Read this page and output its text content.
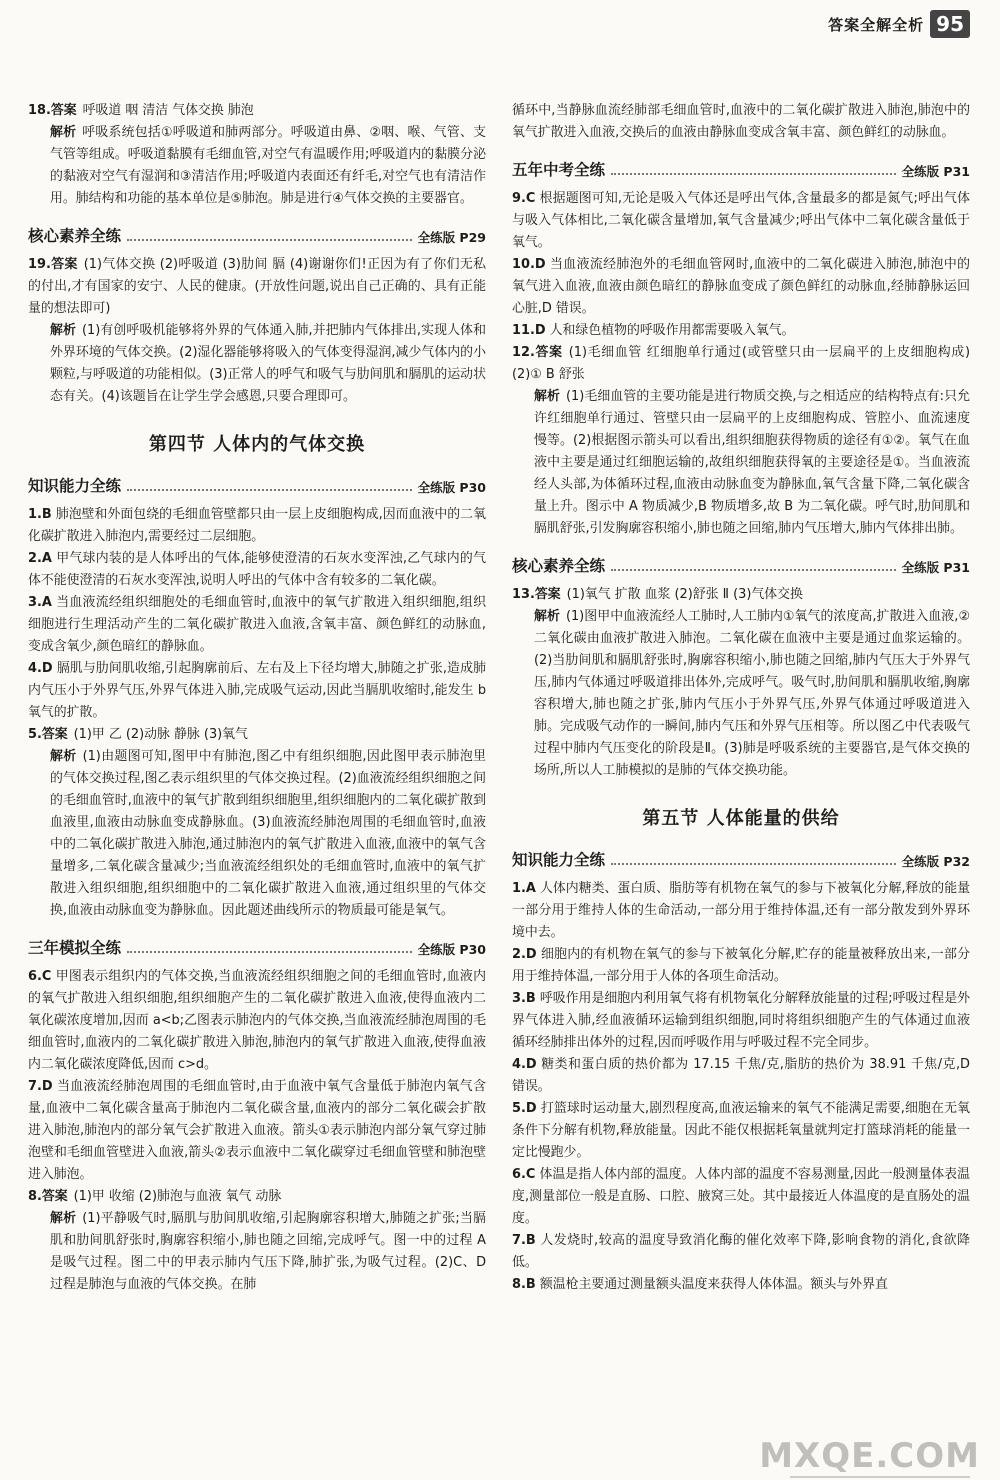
答案全解全析 95

18.答案 呼吸道 咽 清洁 气体交换 肺泡

解析 呼吸系统包括①呼吸道和肺两部分。呼吸道由鼻、②咽、喉、气管、支气管等组成。呼吸道黏膜有毛细血管,对空气有温暖作用;呼吸道内的黏膜分泌的黏液对空气有湿润和③清洁作用;呼吸道内表面还有纤毛,对空气也有清洁作用。肺结构和功能的基本单位是⑤肺泡。肺是进行④气体交换的主要器官。

核心素养全练	全练版 P29

19.答案 (1)气体交换 (2)呼吸道 (3)肋间 膈 (4)谢谢你们!正因为有了你们无私的付出,才有国家的安宁、人民的健康。(开放性问题,说出自己正确的、具有正能量的想法即可)

解析 (1)有创呼吸机能够将外界的气体通入肺,并把肺内气体排出,实现人体和外界环境的气体交换。(2)湿化器能够将吸入的气体变得湿润,减少气体内的小颗粒,与呼吸道的功能相似。(3)正常人的呼气和吸气与肋间肌和膈肌的运动状态有关。(4)该题旨在让学生学会感恩,只要合理即可。

第四节 人体内的气体交换
知识能力全练	全练版 P30

1.B 肺泡壁和外面包绕的毛细血管壁都只由一层上皮细胞构成,因而血液中的二氧化碳扩散进入肺泡内,需要经过二层细胞。

2.A 甲气球内装的是人体呼出的气体,能够使澄清的石灰水变浑浊,乙气球内的气体不能使澄清的石灰水变浑浊,说明人呼出的气体中含有较多的二氧化碳。

3.A 当血液流经组织细胞处的毛细血管时,血液中的氧气扩散进入组织细胞,组织细胞进行生理活动产生的二氧化碳扩散进入血液,含氧丰富、颜色鲜红的动脉血,变成含氧少,颜色暗红的静脉血。

4.D 膈肌与肋间肌收缩,引起胸廓前后、左右及上下径均增大,肺随之扩张,造成肺内气压小于外界气压,外界气体进入肺,完成吸气运动,因此当膈肌收缩时,能发生 b 氧气的扩散。

5.答案 (1)甲 乙 (2)动脉 静脉 (3)氧气

解析 (1)由题图可知,图甲中有肺泡,图乙中有组织细胞,因此图甲表示肺泡里的气体交换过程,图乙表示组织里的气体交换过程。(2)血液流经组织细胞之间的毛细血管时,血液中的氧气扩散到组织细胞里,组织细胞内的二氧化碳扩散到血液里,血液由动脉血变成静脉血。(3)血液流经肺泡周围的毛细血管时,血液中的二氧化碳扩散进入肺泡,通过肺泡内的氧气扩散进入血液,血液中的氧气含量增多,二氧化碳含量减少;当血液流经组织处的毛细血管时,血液中的氧气扩散进入组织细胞,组织细胞中的二氧化碳扩散进入血液,通过组织里的气体交换,血液由动脉血变为静脉血。因此题述曲线所示的物质最可能是氧气。

三年模拟全练	全练版 P30

6.C 甲图表示组织内的气体交换,当血液流经组织细胞之间的毛细血管时,血液内的氧气扩散进入组织细胞,组织细胞产生的二氧化碳扩散进入血液,使得血液内二氧化碳浓度增加,因而 a<b;乙图表示肺泡内的气体交换,当血液流经肺泡周围的毛细血管时,血液内的二氧化碳扩散进入肺泡,肺泡内的氧气扩散进入血液,使得血液内二氧化碳浓度降低,因而 c>d。

7.D 当血液流经肺泡周围的毛细血管时,由于血液中氧气含量低于肺泡内氧气含量,血液中二氧化碳含量高于肺泡内二氧化碳含量,血液内的部分二氧化碳会扩散进入肺泡,肺泡内的部分氧气会扩散进入血液。箭头①表示肺泡内部分氧气穿过肺泡壁和毛细血管壁进入血液,箭头②表示血液中二氧化碳穿过毛细血管壁和肺泡壁进入肺泡。

8.答案 (1)甲 收缩 (2)肺泡与血液 氧气 动脉

解析 (1)平静吸气时,膈肌与肋间肌收缩,引起胸廓容积增大,肺随之扩张;当膈肌和肋间肌舒张时,胸廓容积缩小,肺也随之回缩,完成呼气。图一中的过程 A 是吸气过程。图二中的甲表示肺内气压下降,肺扩张,为吸气过程。(2)C、D 过程是肺泡与血液的气体交换。在肺

循环中,当静脉血流经肺部毛细血管时,血液中的二氧化碳扩散进入肺泡,肺泡中的氧气扩散进入血液,交换后的血液由静脉血变成含氧丰富、颜色鲜红的动脉血。

五年中考全练	全练版 P31

9.C 根据题图可知,无论是吸入气体还是呼出气体,含量最多的都是氮气;呼出气体与吸入气体相比,二氧化碳含量增加,氧气含量减少;呼出气体中二氧化碳含量低于氧气。

10.D 当血液流经肺泡外的毛细血管网时,血液中的二氧化碳进入肺泡,肺泡中的氧气进入血液,血液由颜色暗红的静脉血变成了颜色鲜红的动脉血,经肺静脉运回心脏,D 错误。

11.D 人和绿色植物的呼吸作用都需要吸入氧气。

12.答案 (1)毛细血管 红细胞单行通过(或管壁只由一层扁平的上皮细胞构成) (2)① B 舒张

解析 (1)毛细血管的主要功能是进行物质交换,与之相适应的结构特点有:只允许红细胞单行通过、管壁只由一层扁平的上皮细胞构成、管腔小、血流速度慢等。(2)根据图示箭头可以看出,组织细胞获得物质的途径有①②。氧气在血液中主要是通过红细胞运输的,故组织细胞获得氧的主要途径是①。当血液流经人头部,为体循环过程,血液由动脉血变为静脉血,氧气含量下降,二氧化碳含量上升。图示中 A 物质减少,B 物质增多,故 B 为二氧化碳。呼气时,肋间肌和膈肌舒张,引发胸廓容积缩小,肺也随之回缩,肺内气压增大,肺内气体排出肺。

核心素养全练	全练版 P31

13.答案 (1)氧气 扩散 血浆 (2)舒张 Ⅱ (3)气体交换

解析 (1)图甲中血液流经人工肺时,人工肺内①氧气的浓度高,扩散进入血液,②二氧化碳由血液扩散进入肺泡。二氧化碳在血液中主要是通过血浆运输的。(2)当肋间肌和膈肌舒张时,胸廓容积缩小,肺也随之回缩,肺内气压大于外界气压,肺内气体通过呼吸道排出体外,完成呼气。吸气时,肋间肌和膈肌收缩,胸廓容积增大,肺也随之扩张,肺内气压小于外界气压,外界气体通过呼吸道进入肺。完成吸气动作的一瞬间,肺内气压和外界气压相等。所以图乙中代表吸气过程中肺内气压变化的阶段是Ⅱ。(3)肺是呼吸系统的主要器官,是气体交换的场所,所以人工肺模拟的是肺的气体交换功能。

第五节 人体能量的供给
知识能力全练	全练版 P32

1.A 人体内糖类、蛋白质、脂肪等有机物在氧气的参与下被氧化分解,释放的能量一部分用于维持人体的生命活动,一部分用于维持体温,还有一部分散发到外界环境中去。

2.D 细胞内的有机物在氧气的参与下被氧化分解,贮存的能量被释放出来,一部分用于维持体温,一部分用于人体的各项生命活动。

3.B 呼吸作用是细胞内利用氧气将有机物氧化分解释放能量的过程;呼吸过程是外界气体进入肺,经血液循环运输到组织细胞,同时将组织细胞产生的气体通过血液循环经肺排出体外的过程,因而呼吸作用与呼吸过程不完全同步。

4.D 糖类和蛋白质的热价都为 17.15 千焦/克,脂肪的热价为 38.91 千焦/克,D 错误。

5.D 打篮球时运动量大,剧烈程度高,血液运输来的氧气不能满足需要,细胞在无氧条件下分解有机物,释放能量。因此不能仅根据耗氧量就判定打篮球消耗的能量一定比慢跑少。

6.C 体温是指人体内部的温度。人体内部的温度不容易测量,因此一般测量体表温度,测量部位一般是直肠、口腔、腋窝三处。其中最接近人体温度的是直肠处的温度。

7.B 人发烧时,较高的温度导致消化酶的催化效率下降,影响食物的消化,食欲降低。

8.B 额温枪主要通过测量额头温度来获得人体体温。额头与外界直

MXQE.COM
